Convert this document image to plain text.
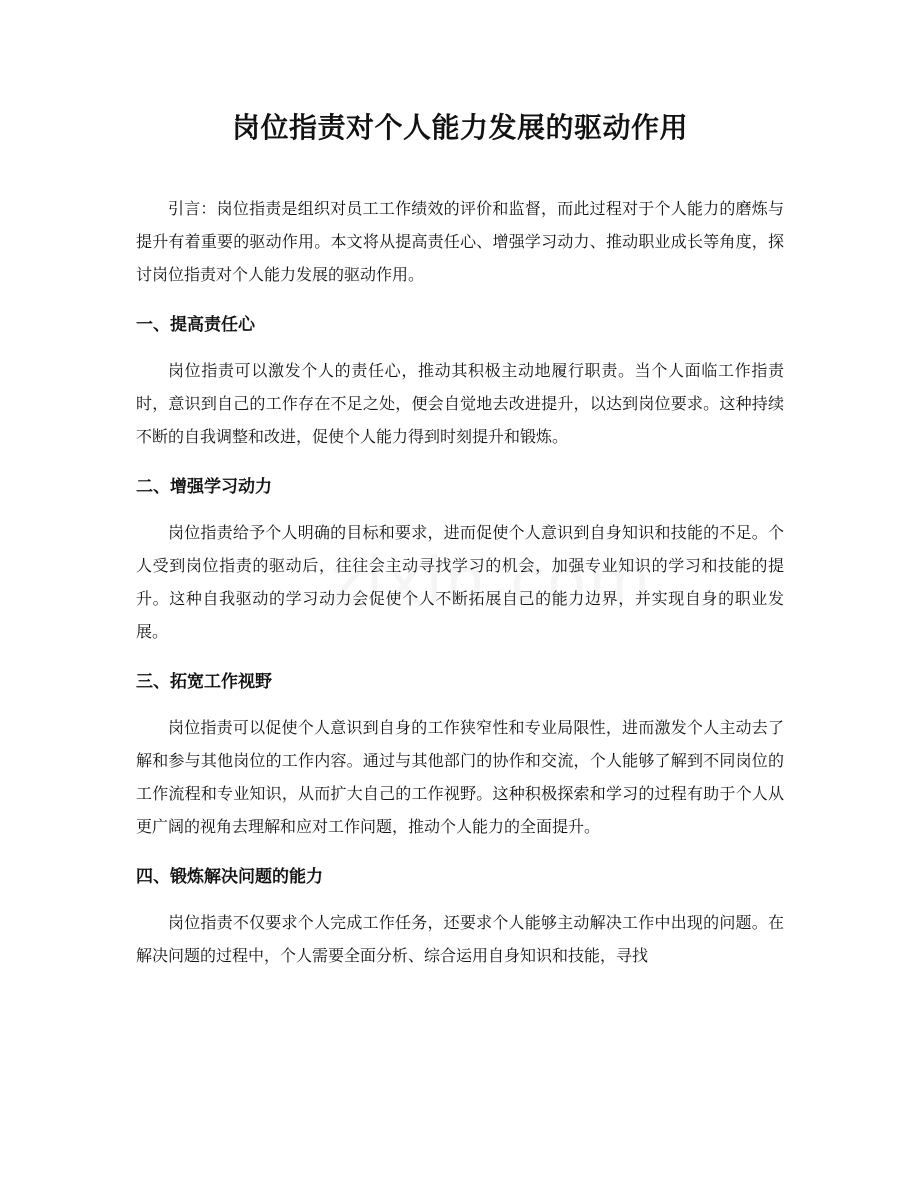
岗位指责对个人能力发展的驱动作用

引言：岗位指责是组织对员工工作绩效的评价和监督，而此过程对于个人能力的磨炼与提升有着重要的驱动作用。本文将从提高责任心、增强学习动力、推动职业成长等角度，探讨岗位指责对个人能力发展的驱动作用。

一、提高责任心

岗位指责可以激发个人的责任心，推动其积极主动地履行职责。当个人面临工作指责时，意识到自己的工作存在不足之处，便会自觉地去改进提升，以达到岗位要求。这种持续不断的自我调整和改进，促使个人能力得到时刻提升和锻炼。

二、增强学习动力

岗位指责给予个人明确的目标和要求，进而促使个人意识到自身知识和技能的不足。个人受到岗位指责的驱动后，往往会主动寻找学习的机会，加强专业知识的学习和技能的提升。这种自我驱动的学习动力会促使个人不断拓展自己的能力边界，并实现自身的职业发展。

三、拓宽工作视野

岗位指责可以促使个人意识到自身的工作狭窄性和专业局限性，进而激发个人主动去了解和参与其他岗位的工作内容。通过与其他部门的协作和交流，个人能够了解到不同岗位的工作流程和专业知识，从而扩大自己的工作视野。这种积极探索和学习的过程有助于个人从更广阔的视角去理解和应对工作问题，推动个人能力的全面提升。

四、锻炼解决问题的能力

岗位指责不仅要求个人完成工作任务，还要求个人能够主动解决工作中出现的问题。在解决问题的过程中，个人需要全面分析、综合运用自身知识和技能，寻找
